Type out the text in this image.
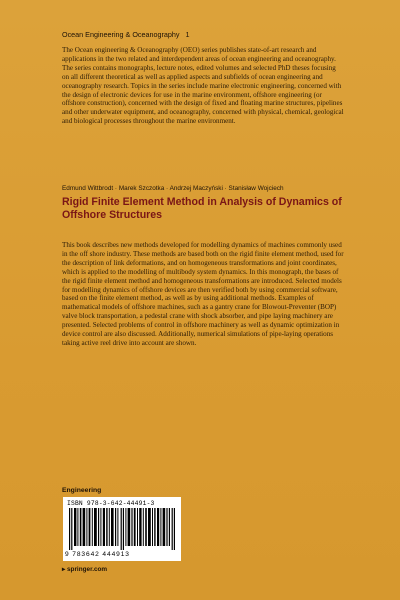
Ocean Engineering & Oceanography 1

The Ocean engineering & Oceanography (OEO) series publishes state-of-art research and applications in the two related and interdependent areas of ocean engineering and oceanography. The series contains monographs, lecture notes, edited volumes and selected PhD theses focusing on all different theoretical as well as applied aspects and subfields of ocean engineering and oceanography research. Topics in the series include marine electronic engineering, concerned with the design of electronic devices for use in the marine environment, offshore engineering (or offshore construction), concerned with the design of fixed and floating marine structures, pipelines and other underwater equipment, and oceanography, concerned with physical, chemical, geological and biological processes throughout the marine environment.

Edmund Wittbrodt · Marek Szczotka · Andrzej Maczyński · Stanisław Wojciech
Rigid Finite Element Method in Analysis of Dynamics of Offshore Structures

This book describes new methods developed for modelling dynamics of machines commonly used in the off shore industry. These methods are based both on the rigid finite element method, used for the description of link deformations, and on homogeneous transformations and joint coordinates, which is applied to the modelling of multibody system dynamics. In this monograph, the bases of the rigid finite element method and homogeneous transformations are introduced. Selected models for modelling dynamics of offshore devices are then verified both by using commercial software, based on the finite element method, as well as by using additional methods. Examples of mathematical models of offshore machines, such as a gantry crane for Blowout-Preventer (BOP) valve block transportation, a pedestal crane with shock absorber, and pipe laying machinery are presented. Selected problems of control in offshore machinery as well as dynamic optimization in device control are also discussed. Additionally, numerical simulations of pipe-laying operations taking active reel drive into account are shown.

Engineering
ISBN 978-3-642-44491-3
9 783642 444913
▸ springer.com
